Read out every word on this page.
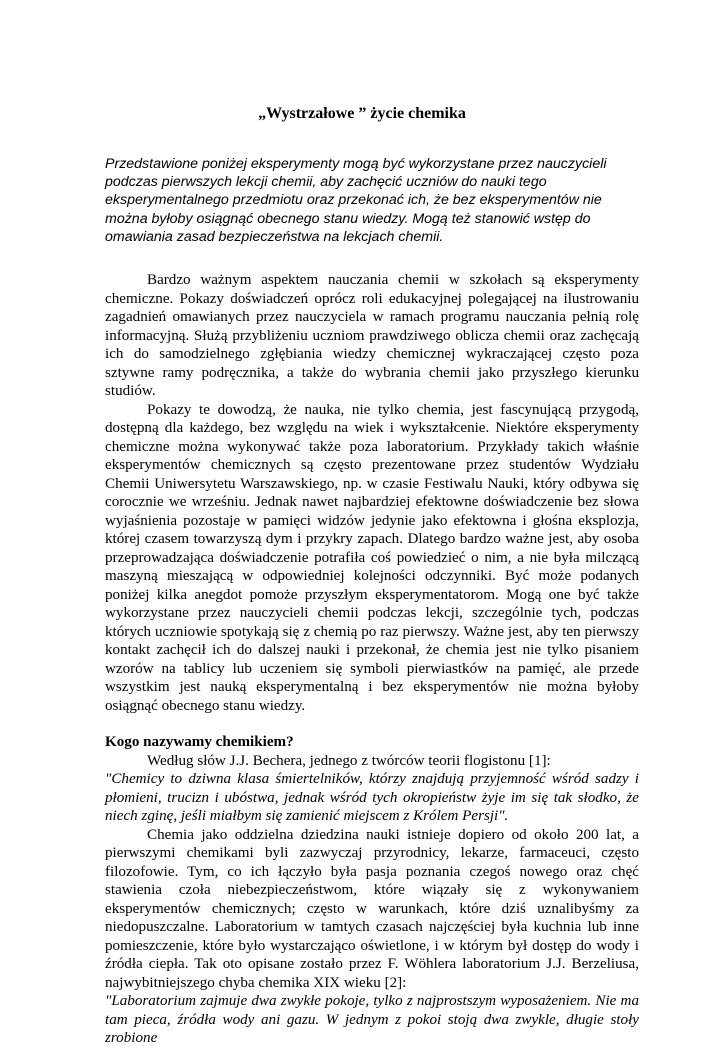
„Wystrzałowe ” życie chemika
Przedstawione poniżej eksperymenty mogą być wykorzystane przez nauczycieli podczas pierwszych lekcji chemii, aby zachęcić uczniów do nauki tego eksperymentalnego przedmiotu oraz przekonać ich, że bez eksperymentów nie można byłoby osiągnąć obecnego stanu wiedzy. Mogą też stanowić wstęp do omawiania zasad bezpieczeństwa na lekcjach chemii.

Bardzo ważnym aspektem nauczania chemii w szkołach są eksperymenty chemiczne. Pokazy doświadczeń oprócz roli edukacyjnej polegającej na ilustrowaniu zagadnień omawianych przez nauczyciela w ramach programu nauczania pełnią rolę informacyjną. Służą przybliżeniu uczniom prawdziwego oblicza chemii oraz zachęcają ich do samodzielnego zgłębiania wiedzy chemicznej wykraczającej często poza sztywne ramy podręcznika, a także do wybrania chemii jako przyszłego kierunku studiów.

Pokazy te dowodzą, że nauka, nie tylko chemia, jest fascynującą przygodą, dostępną dla każdego, bez względu na wiek i wykształcenie. Niektóre eksperymenty chemiczne można wykonywać także poza laboratorium. Przykłady takich właśnie eksperymentów chemicznych są często prezentowane przez studentów Wydziału Chemii Uniwersytetu Warszawskiego, np. w czasie Festiwalu Nauki, który odbywa się corocznie we wrześniu. Jednak nawet najbardziej efektowne doświadczenie bez słowa wyjaśnienia pozostaje w pamięci widzów jedynie jako efektowna i głośna eksplozja, której czasem towarzyszą dym i przykry zapach. Dlatego bardzo ważne jest, aby osoba przeprowadzająca doświadczenie potrafiła coś powiedzieć o nim, a nie była milczącą maszyną mieszającą w odpowiedniej kolejności odczynniki. Być może podanych poniżej kilka anegdot pomoże przyszłym eksperymentatorom. Mogą one być także wykorzystane przez nauczycieli chemii podczas lekcji, szczególnie tych, podczas których uczniowie spotykają się z chemią po raz pierwszy. Ważne jest, aby ten pierwszy kontakt zachęcił ich do dalszej nauki i przekonał, że chemia jest nie tylko pisaniem wzorów na tablicy lub uczeniem się symboli pierwiastków na pamięć, ale przede wszystkim jest nauką eksperymentalną i bez eksperymentów nie można byłoby osiągnąć obecnego stanu wiedzy.

Kogo nazywamy chemikiem?

Według słów J.J. Bechera, jednego z twórców teorii flogistonu [1]:

"Chemicy to dziwna klasa śmiertelników, którzy znajdują przyjemność wśród sadzy i płomieni, trucizn i ubóstwa, jednak wśród tych okropieństw żyje im się tak słodko, że niech zginę, jeśli miałbym się zamienić miejscem z Królem Persji".

Chemia jako oddzielna dziedzina nauki istnieje dopiero od około 200 lat, a pierwszymi chemikami byli zazwyczaj przyrodnicy, lekarze, farmaceuci, często filozofowie. Tym, co ich łączyło była pasja poznania czegoś nowego oraz chęć stawienia czoła niebezpieczeństwom, które wiązały się z wykonywaniem eksperymentów chemicznych; często w warunkach, które dziś uznalibyśmy za niedopuszczalne. Laboratorium w tamtych czasach najczęściej była kuchnia lub inne pomieszczenie, które było wystarczająco oświetlone, i w którym był dostęp do wody i źródła ciepła. Tak oto opisane zostało przez F. Wöhlera laboratorium J.J. Berzeliusa, najwybitniejszego chyba chemika XIX wieku [2]:

"Laboratorium zajmuje dwa zwykłe pokoje, tylko z najprostszym wyposażeniem. Nie ma tam pieca, źródła wody ani gazu. W jednym z pokoi stoją dwa zwykle, długie stoły zrobione
